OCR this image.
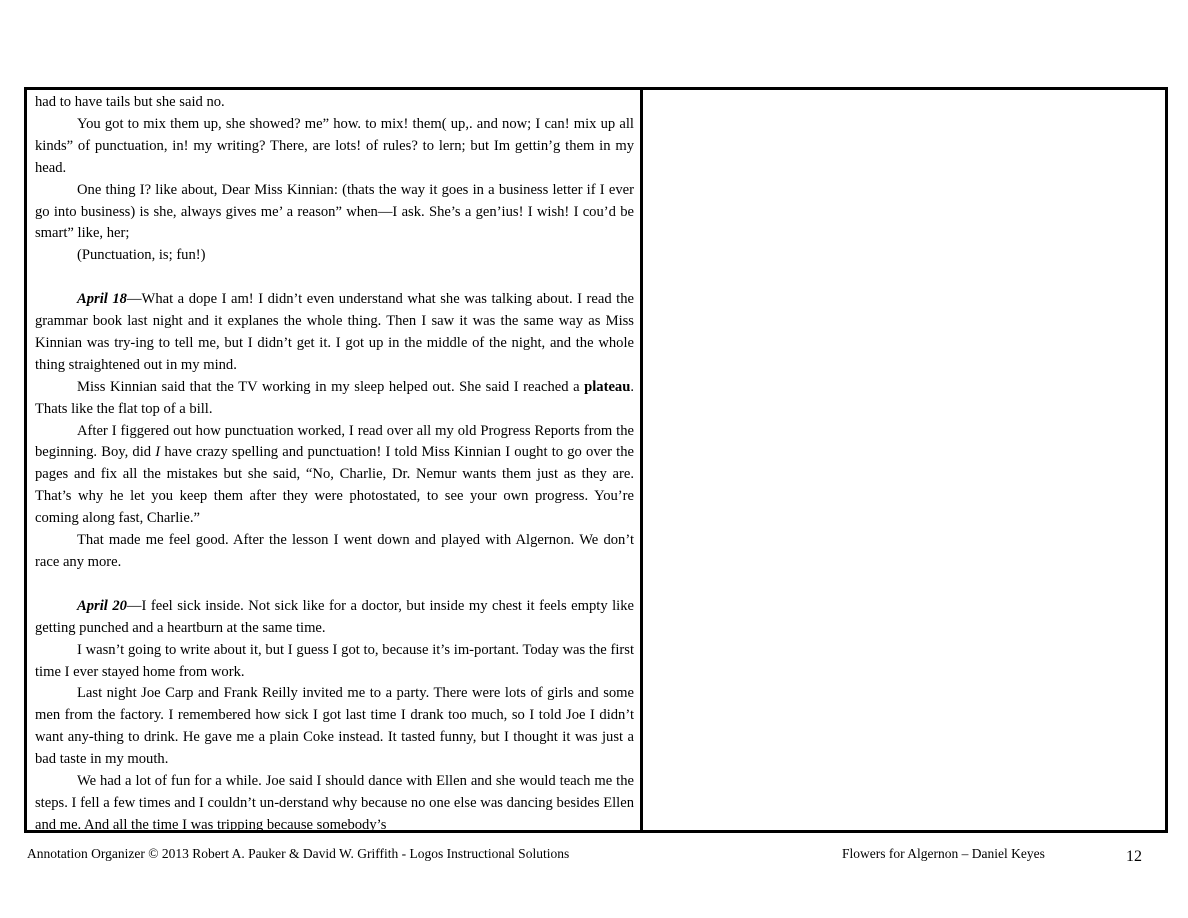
had to have tails but she said no.

You got to mix them up, she showed? me” how. to mix! them( up,. and now; I can! mix up all kinds” of punctuation, in! my writing? There, are lots! of rules? to lern; but Im gettin’g them in my head.

One thing I? like about, Dear Miss Kinnian: (thats the way it goes in a business letter if I ever go into business) is she, always gives me’ a reason” when—I ask. She’s a gen’ius! I wish! I cou’d be smart” like, her;

(Punctuation, is; fun!)

April 18—What a dope I am! I didn’t even understand what she was talking about. I read the grammar book last night and it explanes the whole thing. Then I saw it was the same way as Miss Kinnian was try-ing to tell me, but I didn’t get it. I got up in the middle of the night, and the whole thing straightened out in my mind.

Miss Kinnian said that the TV working in my sleep helped out. She said I reached a plateau. Thats like the flat top of a bill.

After I figgered out how punctuation worked, I read over all my old Progress Reports from the beginning. Boy, did I have crazy spelling and punctuation! I told Miss Kinnian I ought to go over the pages and fix all the mistakes but she said, “No, Charlie, Dr. Nemur wants them just as they are. That’s why he let you keep them after they were photostated, to see your own progress. You’re coming along fast, Charlie.”

That made me feel good. After the lesson I went down and played with Algernon. We don’t race any more.

April 20—I feel sick inside. Not sick like for a doctor, but inside my chest it feels empty like getting punched and a heartburn at the same time.

I wasn’t going to write about it, but I guess I got to, because it’s im-portant. Today was the first time I ever stayed home from work.

Last night Joe Carp and Frank Reilly invited me to a party. There were lots of girls and some men from the factory. I remembered how sick I got last time I drank too much, so I told Joe I didn’t want any-thing to drink. He gave me a plain Coke instead. It tasted funny, but I thought it was just a bad taste in my mouth.

We had a lot of fun for a while. Joe said I should dance with Ellen and she would teach me the steps. I fell a few times and I couldn’t un-derstand why because no one else was dancing besides Ellen and me. And all the time I was tripping because somebody’s

Annotation Organizer © 2013 Robert A. Pauker & David W. Griffith - Logos Instructional Solutions	Flowers for Algernon – Daniel Keyes	12
